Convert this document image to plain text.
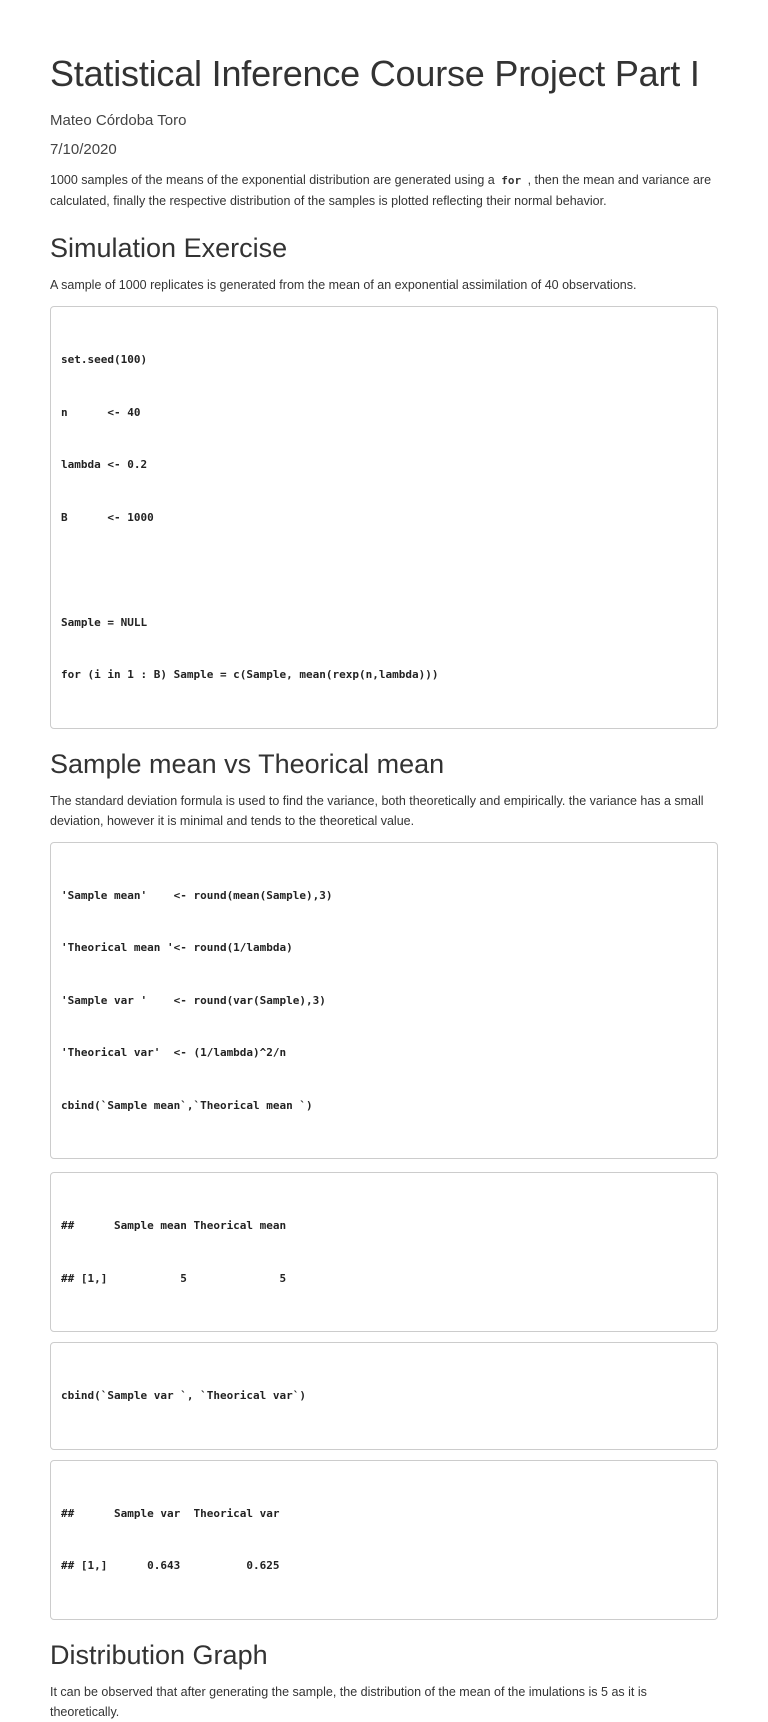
Statistical Inference Course Project Part I

Mateo Córdoba Toro

7/10/2020

1000 samples of the means of the exponential distribution are generated using a for , then the mean and variance are calculated, finally the respective distribution of the samples is plotted reflecting their normal behavior.

Simulation Exercise

A sample of 1000 replicates is generated from the mean of an exponential assimilation of 40 observations.

set.seed(100)

n      <- 40

lambda <- 0.2

B      <- 1000

Sample = NULL

for (i in 1 : B) Sample = c(Sample, mean(rexp(n,lambda)))

Sample mean vs Theorical mean

The standard deviation formula is used to find the variance, both theoretically and empirically. the variance has a small deviation, however it is minimal and tends to the theoretical value.

'Sample mean'    <- round(mean(Sample),3)

'Theorical mean '<- round(1/lambda)

'Sample var '    <- round(var(Sample),3)

'Theorical var'  <- (1/lambda)^2/n

cbind(`Sample mean`,`Theorical mean `)

##      Sample mean Theorical mean

## [1,]           5              5

cbind(`Sample var `, `Theorical var`)

##      Sample var  Theorical var

## [1,]      0.643          0.625

Distribution Graph

It can be observed that after generating the sample, the distribution of the mean of the imulations is 5 as it is theoretically.
